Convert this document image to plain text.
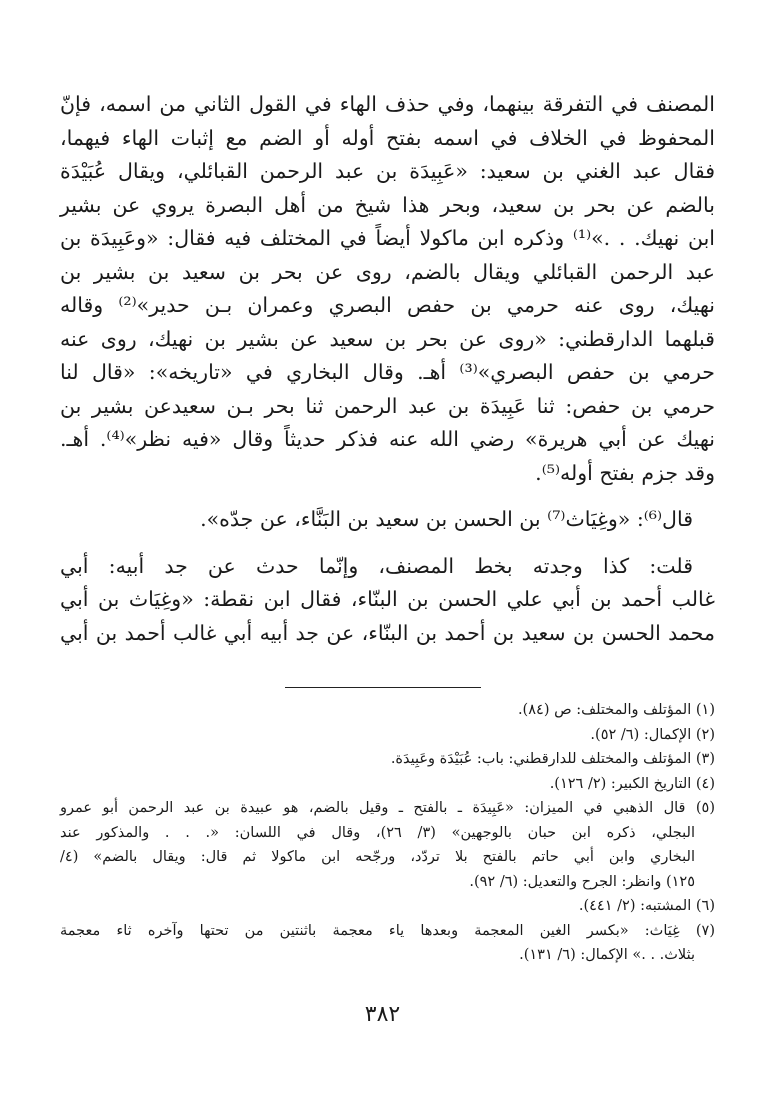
المصنف في التفرقة بينهما، وفي حذف الهاء في القول الثاني من اسمه، فإنّ
المحفوظ في الخلاف في اسمه بفتح أوله أو الضم مع إثبات الهاء فيهما،
فقال عبد الغني بن سعيد: «عَبِيدَة بن عبد الرحمن القبائلي، ويقال عُبَيْدَة
بالضم عن بحر بن سعيد، وبحر هذا شيخ من أهل البصرة يروي عن بشير
ابن نهيك. . .»⁽¹⁾ وذكره ابن ماكولا أيضاً في المختلف فيه فقال: «وعَبِيدَة بن
عبد الرحمن القبائلي ويقال بالضم، روى عن بحر بن سعيد بن بشير بن
نهيك، روى عنه حرمي بن حفص البصري وعمران بـن حدير»⁽²⁾ وقاله
قبلهما الدارقطني: «روى عن بحر بن سعيد عن بشير بن نهيك، روى عنه
حرمي بن حفص البصري»⁽³⁾ أهـ. وقال البخاري في «تاريخه»: «قال لنا
حرمي بن حفص: ثنا عَبِيدَة بن عبد الرحمن ثنا بحر بـن سعيدعن بشير بن
نهيك عن أبي هريرة» رضي الله عنه فذكر حديثاً وقال «فيه نظر»⁽⁴⁾. أهـ.
وقد جزم بفتح أوله⁽⁵⁾.
قال⁽⁶⁾: «وغِيَاث⁽⁷⁾ بن الحسن بن سعيد بن البَنَّاء، عن جدّه».
قلت: كذا وجدته بخط المصنف، وإنّما حدث عن جد أبيه: أبي
غالب أحمد بن أبي علي الحسن بن البنّاء، فقال ابن نقطة: «وغِيَاث بن أبي
محمد الحسن بن سعيد بن أحمد بن البنّاء، عن جد أبيه أبي غالب أحمد بن أبي
(١) المؤتلف والمختلف: ص (٨٤).
(٢) الإكمال: (٦/ ٥٢).
(٣) المؤتلف والمختلف للدارقطني: باب: عُبَيْدَة وعَبِيدَة.
(٤) التاريخ الكبير: (٢/ ١٢٦).
(٥) قال الذهبي في الميزان: «عَبِيدَة ـ بالفتح ـ وقيل بالضم، هو عبيدة بن عبد الرحمن أبو عمرو
البجلي، ذكره ابن حبان بالوجهين» (٣/ ٢٦)، وقال في اللسان: «. . . والمذكور عند
البخاري وابن أبي حاتم بالفتح بلا تردّد، ورجّحه ابن ماكولا ثم قال: ويقال بالضم» (٤/
١٢٥) وانظر: الجرح والتعديل: (٦/ ٩٢).
(٦) المشتبه: (٢/ ٤٤١).
(٧) غِيَاث: «بكسر الغين المعجمة وبعدها ياء معجمة باثنتين من تحتها وآخره ثاء معجمة
بثلاث. . .» الإكمال: (٦/ ١٣١).
٣٨٢
